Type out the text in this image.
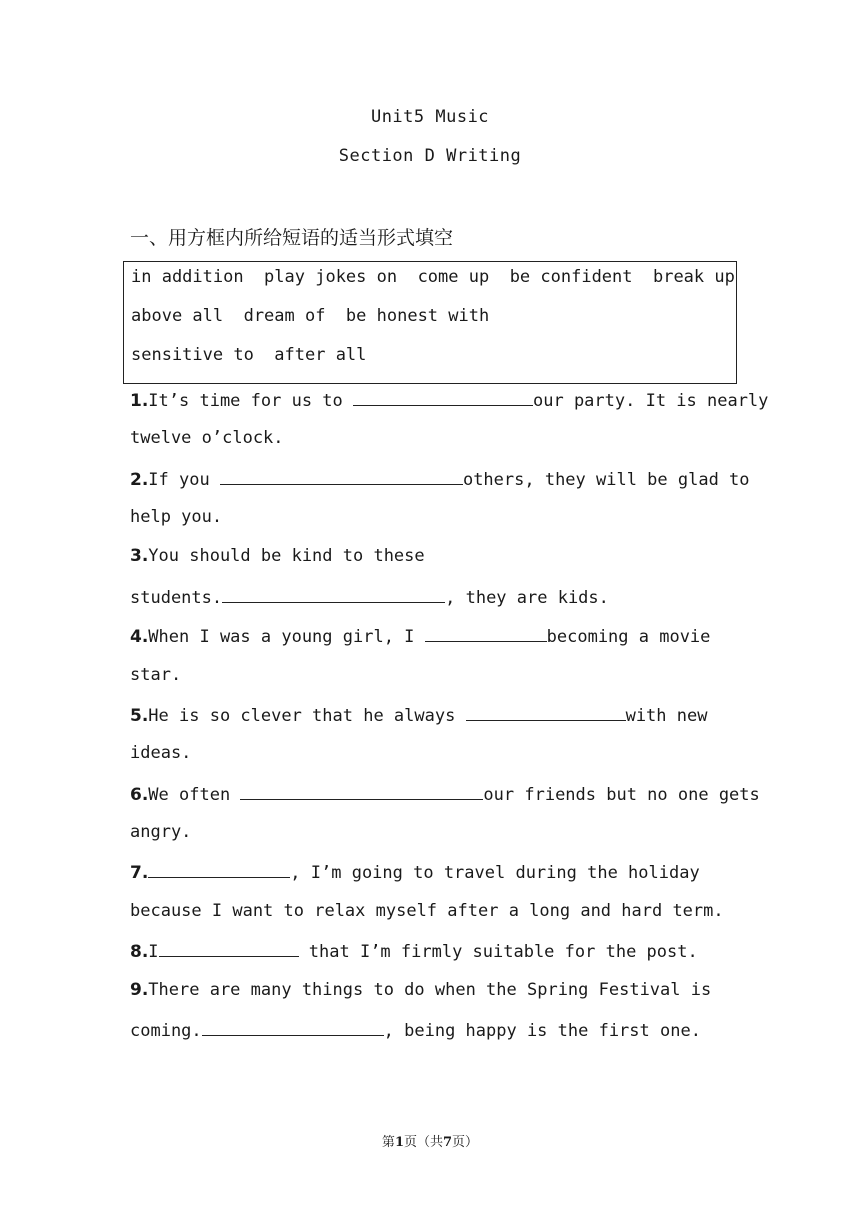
Unit5 Music
Section D Writing
一、用方框内所给短语的适当形式填空
in addition  play jokes on  come up  be confident  break up
above all  dream of  be honest with
sensitive to  after all
1.It’s time for us to	our party. It is nearly
twelve o’clock.
2.If you	others, they will be glad to
help you.
3.You should be kind to these
students.	, they are kids.
4.When I was a young girl, I	becoming a movie
star.
5.He is so clever that he always	with new
ideas.
6.We often	our friends but no one gets
angry.
7.	, I’m going to travel during the holiday
because I want to relax myself after a long and hard term.
8.I	that I’m firmly suitable for the post.
9.There are many things to do when the Spring Festival is
coming.	, being happy is the first one.
第1页（共7页）
